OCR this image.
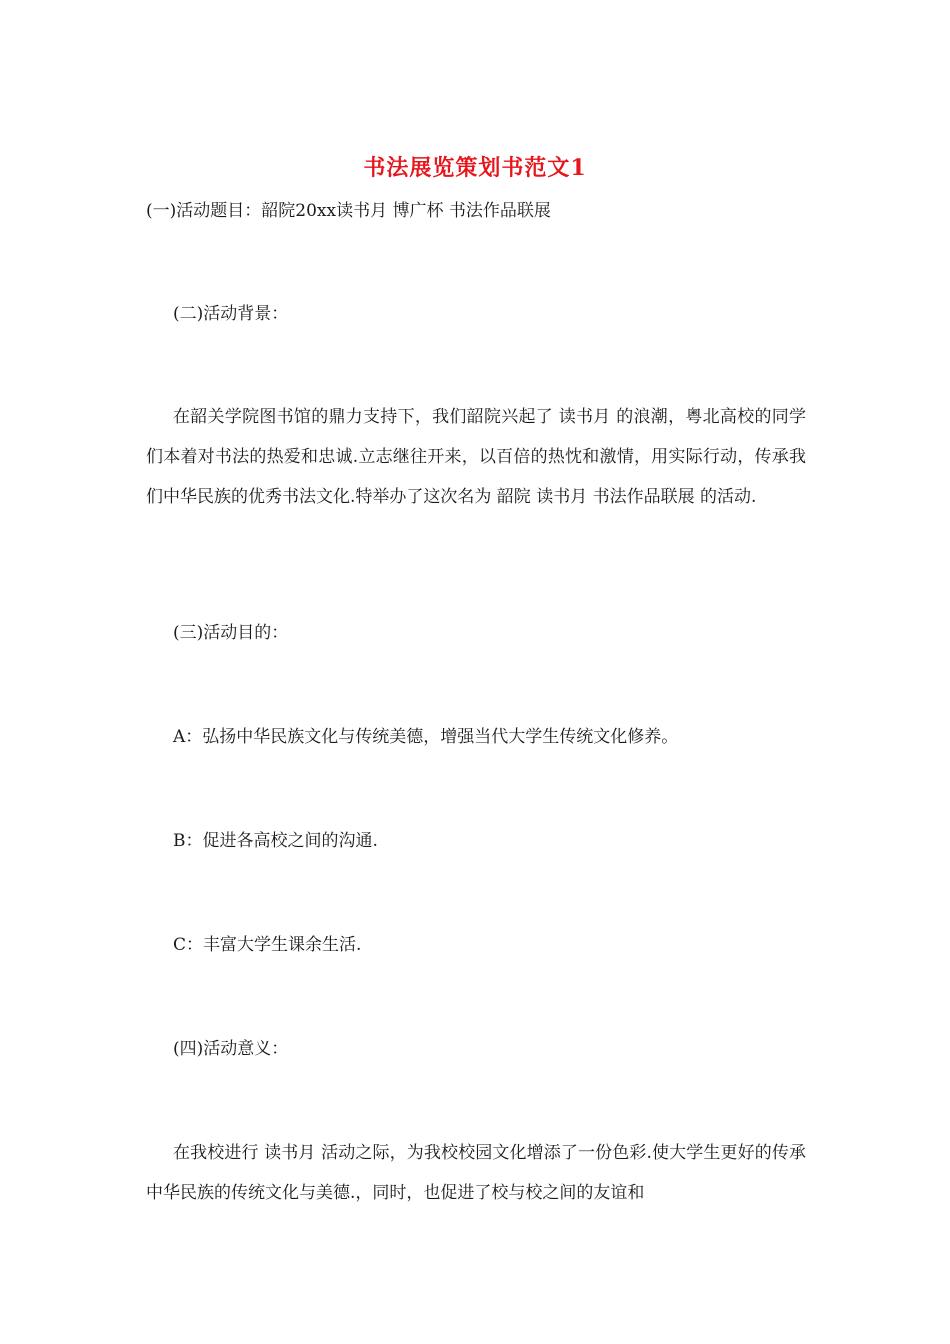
书法展览策划书范文1
(一)活动题目：韶院20xx读书月 博广杯 书法作品联展
(二)活动背景：
在韶关学院图书馆的鼎力支持下，我们韶院兴起了 读书月 的浪潮，粤北高校的同学们本着对书法的热爱和忠诚.立志继往开来，以百倍的热忱和激情，用实际行动，传承我们中华民族的优秀书法文化.特举办了这次名为 韶院 读书月 书法作品联展 的活动.
(三)活动目的：
A：弘扬中华民族文化与传统美德，增强当代大学生传统文化修养。
B：促进各高校之间的沟通.
C：丰富大学生课余生活.
(四)活动意义：
在我校进行 读书月 活动之际，为我校校园文化增添了一份色彩.使大学生更好的传承中华民族的传统文化与美德.，同时，也促进了校与校之间的友谊和
